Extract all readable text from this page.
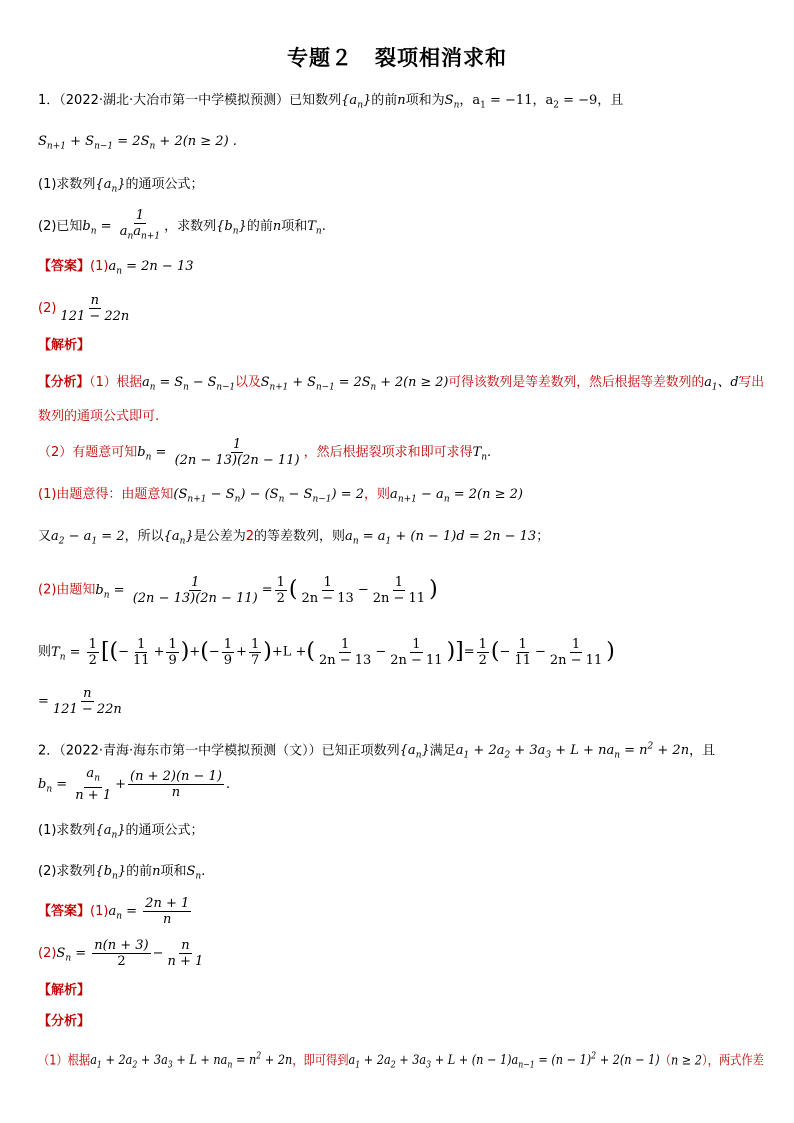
专题２　裂项相消求和
1．（2022·湖北·大冶市第一中学模拟预测）已知数列$\{a_n\}$的前n项和为$S_n$，$a_1 = -11$，$a_2 = -9$，且
$S_{n+1} + S_{n-1} = 2S_n + 2(n \ge 2)$ .
(1)求数列$\{a_n\}$的通项公式；
(2)已知$b_n = \frac{1}{a_na_{n+1}}$ ，求数列$\{b_n\}$的前n项和$T_n$.
【答案】$(1)a_n = 2n - 13$
$(2) \frac{n}{121 - 22n}$
【解析】
【分析】（1）根据$a_n = S_n - S_{n-1}$以及$S_{n+1} + S_{n-1} = 2S_n + 2(n \ge 2)$可得该数列是等差数列，然后根据等差数列的$a_1$、d写出
数列的通项公式即可.
（2）有题意可知$b_n = \frac{1}{(2n - 13)(2n - 11)}$ ，然后根据裂项求和即可求得$T_n$.
(1)由题意得：由题意知$(S_{n+1} - S_n) - (S_n - S_{n-1}) = 2$，则$a_{n+1} - a_n = 2(n \ge 2)$
又$a_2 - a_1 = 2$，所以$\{a_n\}$是公差为2的等差数列，则$a_n = a_1 + (n - 1)d = 2n - 13$；
(2)由题知$b_n = \frac{1}{(2n - 13)(2n - 11)} = \frac{1}{2}$ ( $\frac{1}{2n - 13} - \frac{1}{2n - 11}$ )
则$T_n = \frac{1}{2}$ [(− $\frac{1}{11} + \frac{1}{9}$ )+(− $\frac{1}{9} + \frac{1}{7} )+L$ +( $\frac{1}{2n - 13} - \frac{1}{2n - 11}$ )]= $\frac{1}{2}$ (− $\frac{1}{11} - \frac{1}{2n - 11}$ )
= $\frac{n}{121 - 22n}$
2．（2022·青海·海东市第一中学模拟预测（文））已知正项数列$\{a_n\}$满足$a_1 + 2a_2 + 3a_3 + L + na_n = n^2 + 2n$，且
$b_n = \frac{a_n}{n + 1} + \frac{(n + 2)(n - 1)}{n}$ .
(1)求数列$\{a_n\}$的通项公式；
(2)求数列$\{b_n\}$的前n项和$S_n$.
【答案】$(1)a_n = \frac{2n + 1}{n}$
$(2)S_n = \frac{n(n + 3)}{2} - \frac{n}{n + 1}$
【解析】
【分析】
（1）根据$a_1 + 2a_2 + 3a_3 + L + na_n = n^2 + 2n$，即可得到$a_1 + 2a_2 + 3a_3 + L + (n - 1)a_{n-1} = (n - 1)^2 + 2(n - 1)(n \ge 2)$，两式作差
